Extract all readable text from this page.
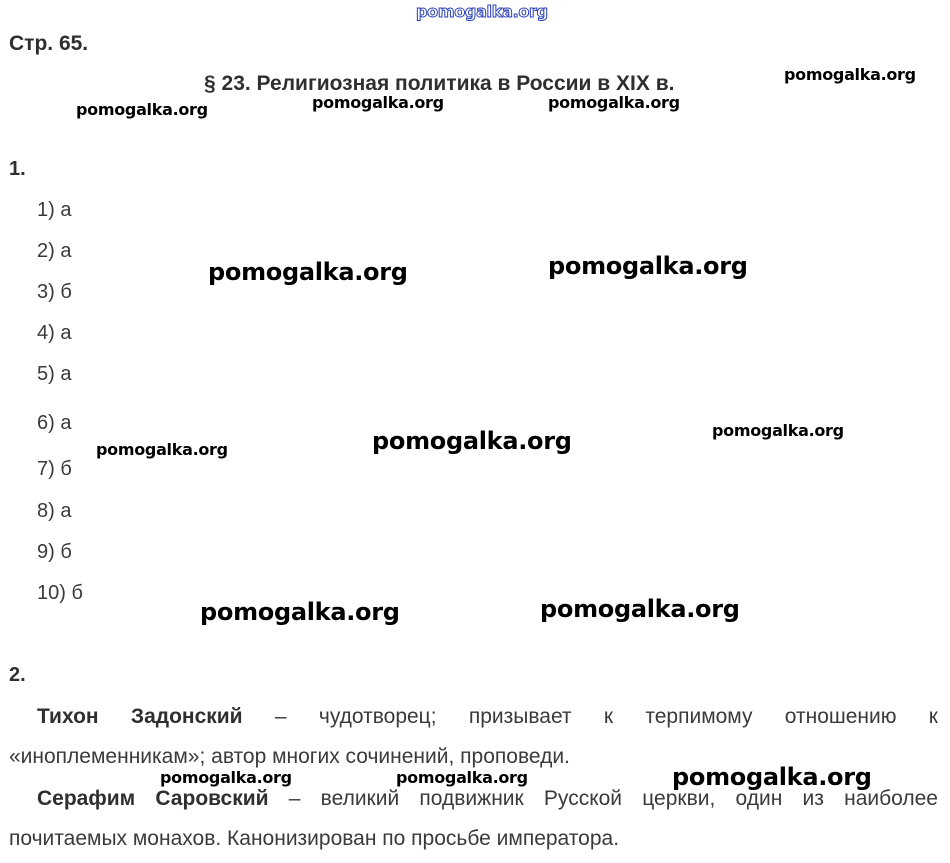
pomogalka.org
Стр. 65.
§ 23. Религиозная политика в России в XIX в.
1.
1) а
2) а
3) б
4) а
5) а
6) а
7) б
8) а
9) б
10) б
2.
Тихон Задонский – чудотворец; призывает к терпимому отношению к
«иноплеменникам»; автор многих сочинений, проповеди.
Серафим Саровский – великий подвижник Русской церкви, один из наиболее
почитаемых монахов. Канонизирован по просьбе императора.
pomogalka.org
pomogalka.org	pomogalka.org	pomogalka.org
pomogalka.org	pomogalka.org
pomogalka.org	pomogalka.org	pomogalka.org
pomogalka.org	pomogalka.org
pomogalka.org	pomogalka.org	pomogalka.org
